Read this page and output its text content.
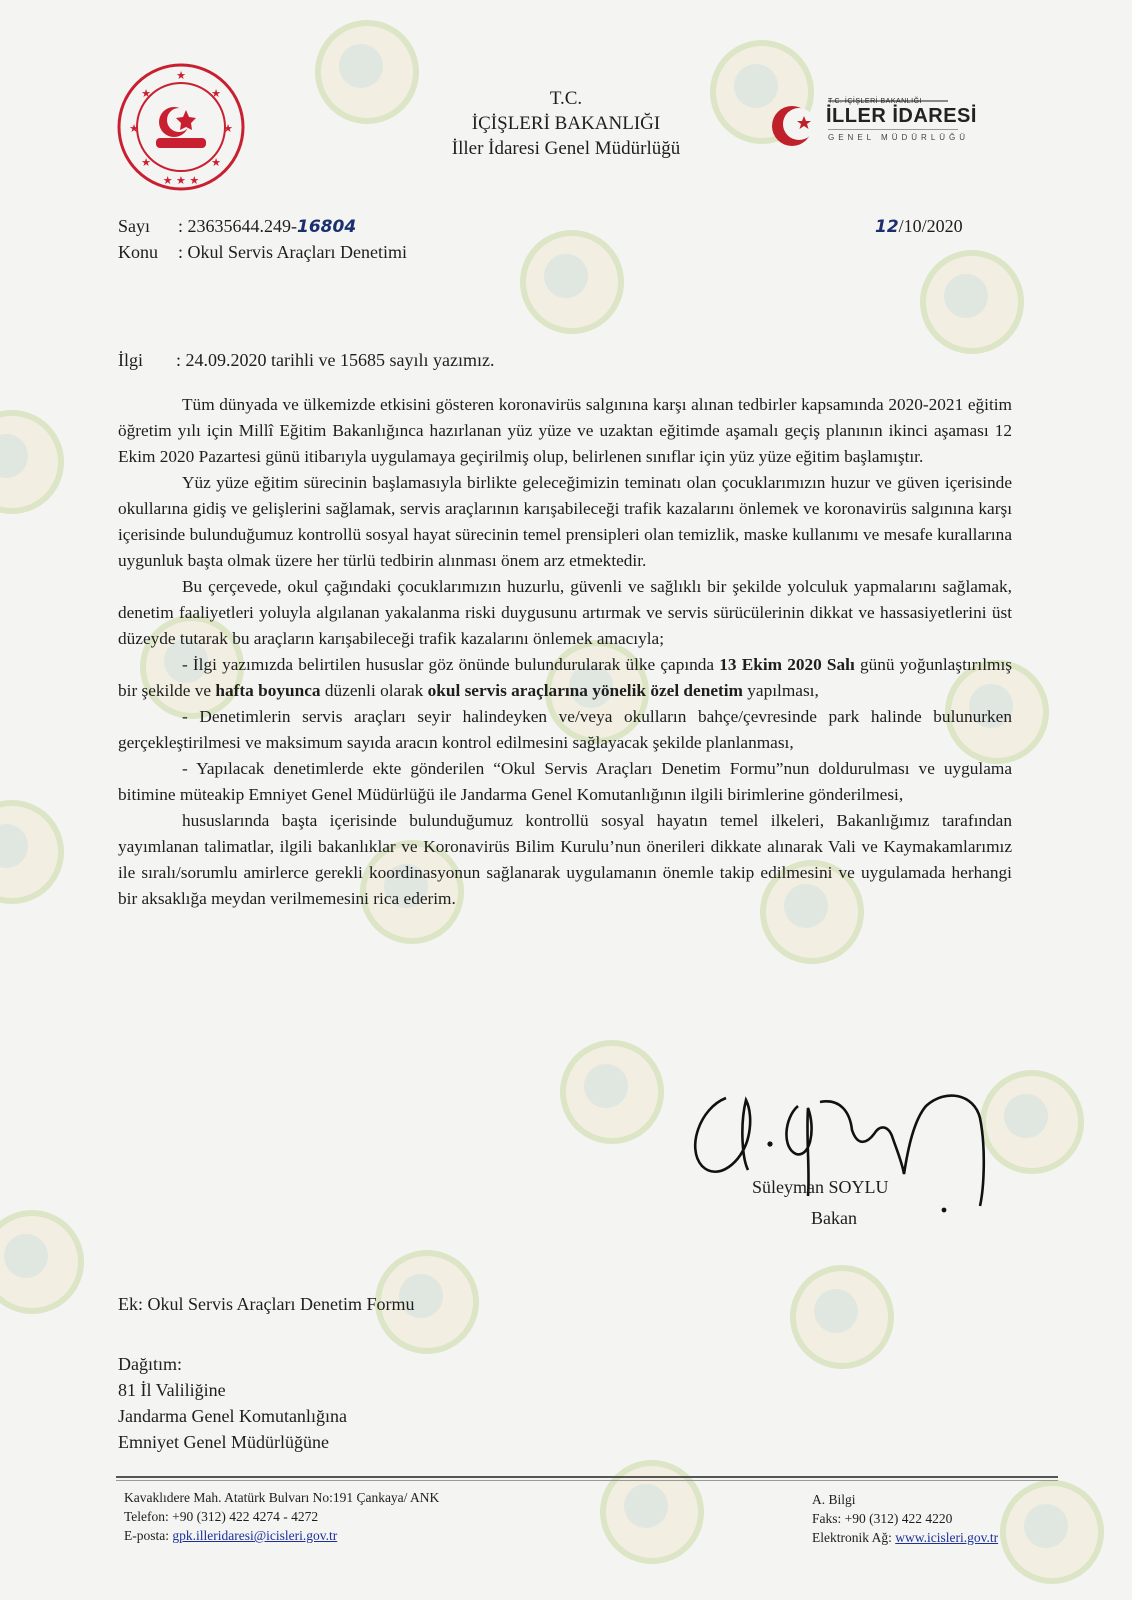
★
★ ★ ★
★	★
★	★
★	★
T.C.
İÇİŞLERİ BAKANLIĞI
İller İdaresi Genel Müdürlüğü
T.C. İÇİŞLERİ BAKANLIĞI
İLLER İDARESİ
GENEL MÜDÜRLÜĞÜ
Sayı : 23635644.249-16804	12/10/2020
Konu : Okul Servis Araçları Denetimi
İlgi : 24.09.2020 tarihli ve 15685 sayılı yazımız.

Tüm dünyada ve ülkemizde etkisini gösteren koronavirüs salgınına karşı alınan tedbirler kapsamında 2020-2021 eğitim öğretim yılı için Millî Eğitim Bakanlığınca hazırlanan yüz yüze ve uzaktan eğitimde aşamalı geçiş planının ikinci aşaması 12 Ekim 2020 Pazartesi günü itibarıyla uygulamaya geçirilmiş olup, belirlenen sınıflar için yüz yüze eğitim başlamıştır.

Yüz yüze eğitim sürecinin başlamasıyla birlikte geleceğimizin teminatı olan çocuklarımızın huzur ve güven içerisinde okullarına gidiş ve gelişlerini sağlamak, servis araçlarının karışabileceği trafik kazalarını önlemek ve koronavirüs salgınına karşı içerisinde bulunduğumuz kontrollü sosyal hayat sürecinin temel prensipleri olan temizlik, maske kullanımı ve mesafe kurallarına uygunluk başta olmak üzere her türlü tedbirin alınması önem arz etmektedir.

Bu çerçevede, okul çağındaki çocuklarımızın huzurlu, güvenli ve sağlıklı bir şekilde yolculuk yapmalarını sağlamak, denetim faaliyetleri yoluyla algılanan yakalanma riski duygusunu artırmak ve servis sürücülerinin dikkat ve hassasiyetlerini üst düzeyde tutarak bu araçların karışabileceği trafik kazalarını önlemek amacıyla;

- İlgi yazımızda belirtilen hususlar göz önünde bulundurularak ülke çapında 13 Ekim 2020 Salı günü yoğunlaştırılmış bir şekilde ve hafta boyunca düzenli olarak okul servis araçlarına yönelik özel denetim yapılması,

- Denetimlerin servis araçları seyir halindeyken ve/veya okulların bahçe/çevresinde park halinde bulunurken gerçekleştirilmesi ve maksimum sayıda aracın kontrol edilmesini sağlayacak şekilde planlanması,

- Yapılacak denetimlerde ekte gönderilen “Okul Servis Araçları Denetim Formu”nun doldurulması ve uygulama bitimine müteakip Emniyet Genel Müdürlüğü ile Jandarma Genel Komutanlığının ilgili birimlerine gönderilmesi,

hususlarında başta içerisinde bulunduğumuz kontrollü sosyal hayatın temel ilkeleri, Bakanlığımız tarafından yayımlanan talimatlar, ilgili bakanlıklar ve Koronavirüs Bilim Kurulu’nun önerileri dikkate alınarak Vali ve Kaymakamlarımız ile sıralı/sorumlu amirlerce gerekli koordinasyonun sağlanarak uygulamanın önemle takip edilmesini ve uygulamada herhangi bir aksaklığa meydan verilmemesini rica ederim.

Süleyman SOYLU
Bakan
Ek: Okul Servis Araçları Denetim Formu
Dağıtım:
81 İl Valiliğine
Jandarma Genel Komutanlığına
Emniyet Genel Müdürlüğüne
Kavaklıdere Mah. Atatürk Bulvarı No:191 Çankaya/ ANK
Telefon: +90 (312) 422 4274 - 4272
E-posta: gpk.illeridaresi@icisleri.gov.tr
A. Bilgi
Faks: +90 (312) 422 4220
Elektronik Ağ: www.icisleri.gov.tr
